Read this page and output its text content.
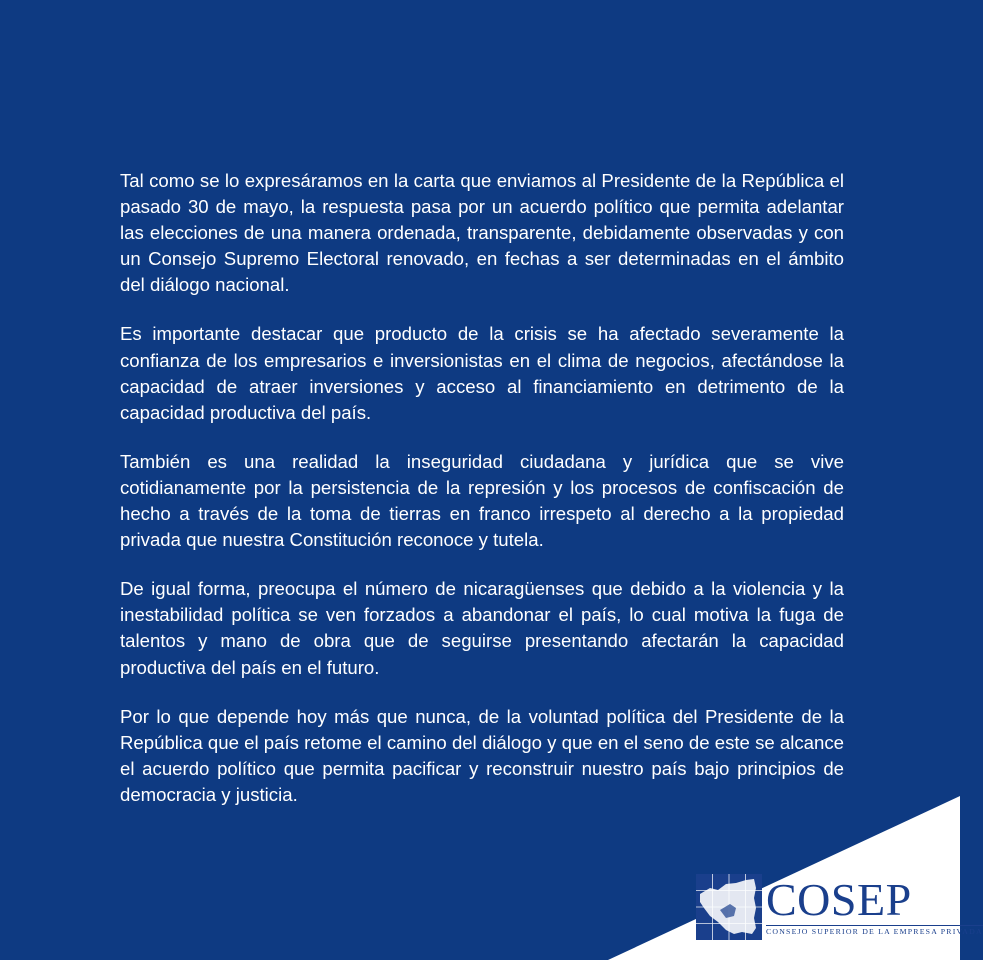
Tal como se lo expresáramos en la carta que enviamos al Presidente de la República el pasado 30 de mayo, la respuesta pasa por un acuerdo político que permita adelantar las elecciones de una manera ordenada, transparente, debidamente observadas y con un Consejo Supremo Electoral renovado, en fechas a ser determinadas en el ámbito del diálogo nacional.

Es importante destacar que producto de la crisis se ha afectado severamente la confianza de los empresarios e inversionistas en el clima de negocios, afectándose la capacidad de atraer inversiones y acceso al financiamiento en detrimento de la capacidad productiva del país.

También es una realidad la inseguridad ciudadana y jurídica que se vive cotidianamente por la persistencia de la represión y los procesos de confiscación de hecho a través de la toma de tierras en franco irrespeto al derecho a la propiedad privada que nuestra Constitución reconoce y tutela.

De igual forma, preocupa el número de nicaragüenses que debido a la violencia y la inestabilidad política se ven forzados a abandonar el país, lo cual motiva la fuga de talentos y mano de obra que de seguirse presentando afectarán la capacidad productiva del país en el futuro.

Por lo que depende hoy más que nunca, de la voluntad política del Presidente de la República que el país retome el camino del diálogo y que en el seno de este se alcance el acuerdo político que permita pacificar y reconstruir nuestro país bajo principios de democracia y justicia.

COSEP
CONSEJO SUPERIOR DE LA EMPRESA PRIVADA
